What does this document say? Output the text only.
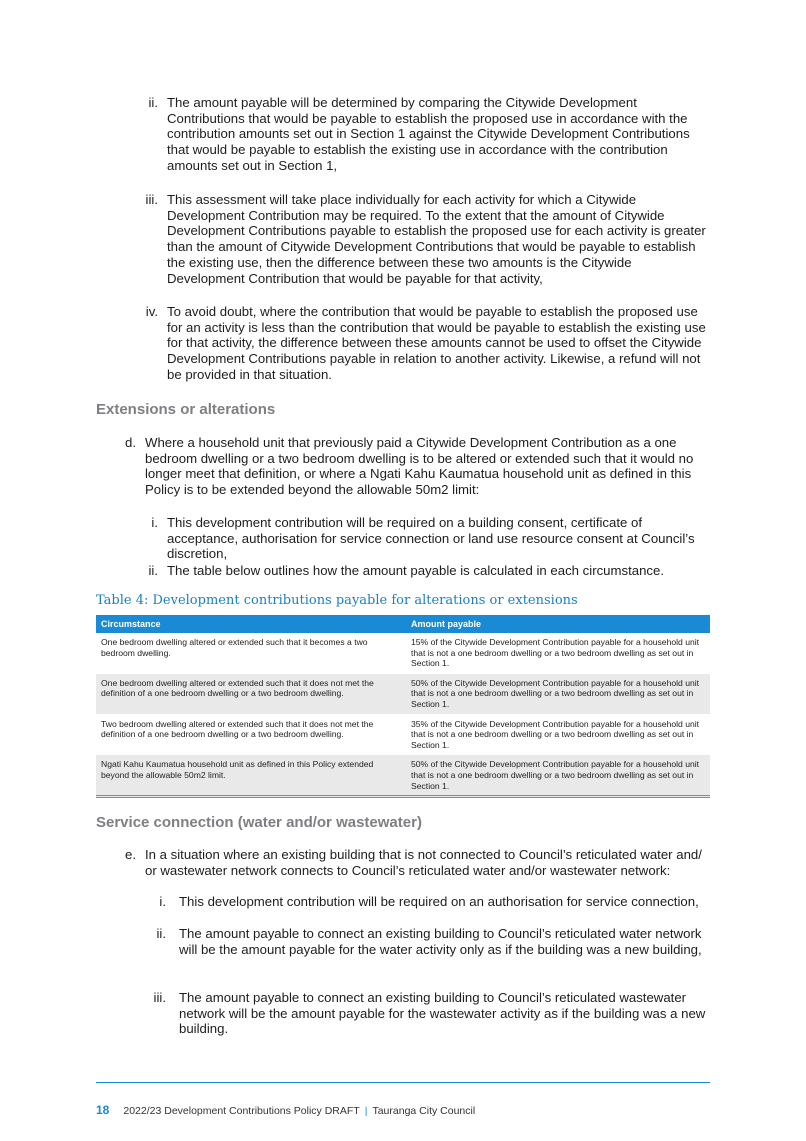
ii. The amount payable will be determined by comparing the Citywide Development Contributions that would be payable to establish the proposed use in accordance with the contribution amounts set out in Section 1 against the Citywide Development Contributions that would be payable to establish the existing use in accordance with the contribution amounts set out in Section 1,

iii. This assessment will take place individually for each activity for which a Citywide Development Contribution may be required. To the extent that the amount of Citywide Development Contributions payable to establish the proposed use for each activity is greater than the amount of Citywide Development Contributions that would be payable to establish the existing use, then the difference between these two amounts is the Citywide Development Contribution that would be payable for that activity,

iv. To avoid doubt, where the contribution that would be payable to establish the proposed use for an activity is less than the contribution that would be payable to establish the existing use for that activity, the difference between these amounts cannot be used to offset the Citywide Development Contributions payable in relation to another activity. Likewise, a refund will not be provided in that situation.

Extensions or alterations
d. Where a household unit that previously paid a Citywide Development Contribution as a one bedroom dwelling or a two bedroom dwelling is to be altered or extended such that it would no longer meet that definition, or where a Ngati Kahu Kaumatua household unit as defined in this Policy is to be extended beyond the allowable 50m2 limit:

i. This development contribution will be required on a building consent, certificate of acceptance, authorisation for service connection or land use resource consent at Council’s discretion,

ii. The table below outlines how the amount payable is calculated in each circumstance.

Table 4: Development contributions payable for alterations or extensions

Circumstance	Amount payable
One bedroom dwelling altered or extended such that it becomes a two bedroom dwelling.	15% of the Citywide Development Contribution payable for a household unit that is not a one bedroom dwelling or a two bedroom dwelling as set out in Section 1.
One bedroom dwelling altered or extended such that it does not met the definition of a one bedroom dwelling or a two bedroom dwelling.	50% of the Citywide Development Contribution payable for a household unit that is not a one bedroom dwelling or a two bedroom dwelling as set out in Section 1.
Two bedroom dwelling altered or extended such that it does not met the definition of a one bedroom dwelling or a two bedroom dwelling.	35% of the Citywide Development Contribution payable for a household unit that is not a one bedroom dwelling or a two bedroom dwelling as set out in Section 1.
Ngati Kahu Kaumatua household unit as defined in this Policy extended beyond the allowable 50m2 limit.	50% of the Citywide Development Contribution payable for a household unit that is not a one bedroom dwelling or a two bedroom dwelling as set out in Section 1.
Service connection (water and/or wastewater)
e. In a situation where an existing building that is not connected to Council’s reticulated water and/ or wastewater network connects to Council’s reticulated water and/or wastewater network:

i. This development contribution will be required on an authorisation for service connection,

ii. The amount payable to connect an existing building to Council’s reticulated water network will be the amount payable for the water activity only as if the building was a new building,

iii. The amount payable to connect an existing building to Council’s reticulated wastewater network will be the amount payable for the wastewater activity as if the building was a new building.

18 2022/23 Development Contributions Policy DRAFT | Tauranga City Council
